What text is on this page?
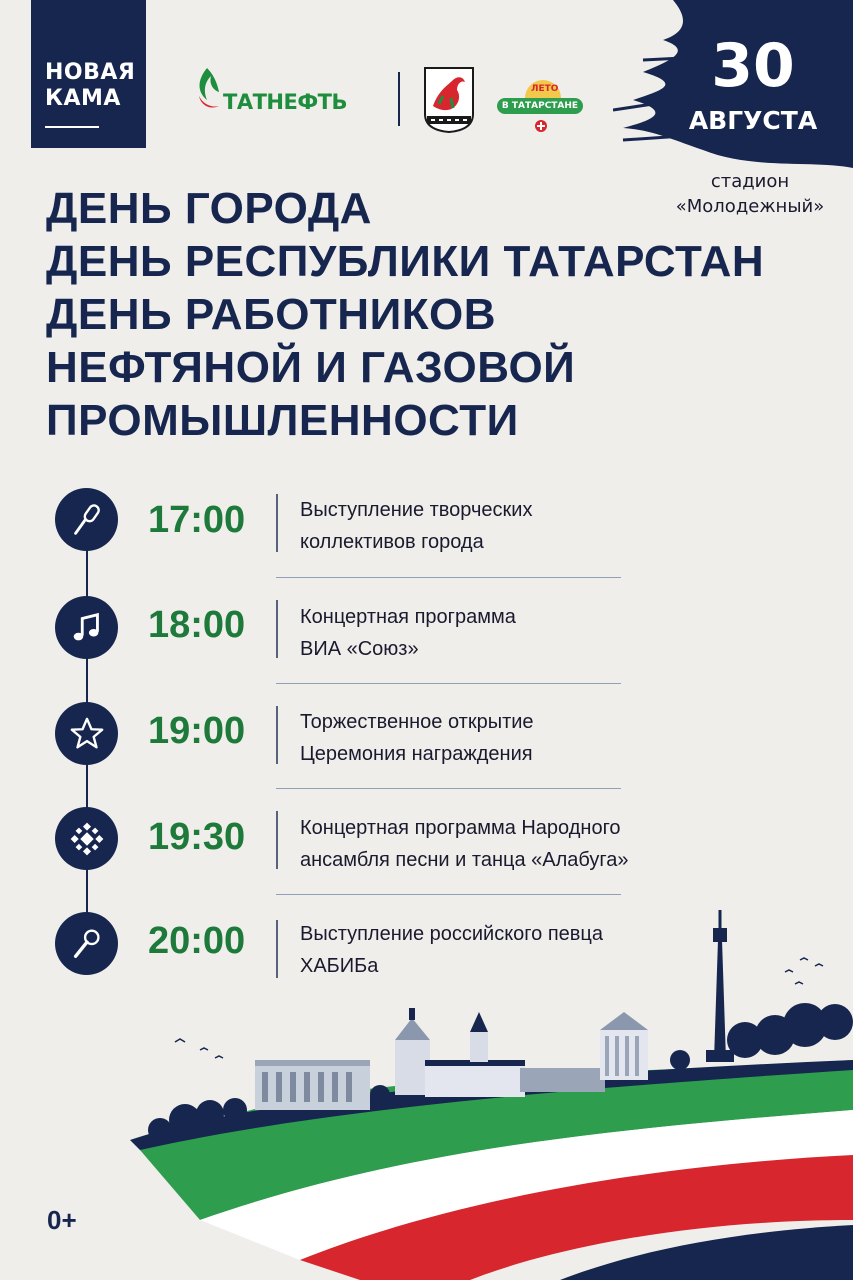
НОВАЯ
КАМА	ТАТНЕФТЬ
ЛЕТО
В ТАТАРСТАНЕ
30
АВГУСТА
стадион
«Молодежный»
ДЕНЬ ГОРОДА
ДЕНЬ РЕСПУБЛИКИ ТАТАРСТАН
ДЕНЬ РАБОТНИКОВ
НЕФТЯНОЙ И ГАЗОВОЙ
ПРОМЫШЛЕННОСТИ
17:00	Выступление творческих
коллективов города
18:00	Концертная программа
ВИА «Союз»
19:00	Торжественное открытие
Церемония награждения
19:30	Концертная программа Народного
ансамбля песни и танца «Алабуга»
20:00	Выступление российского певца
ХАБИБа
0+
